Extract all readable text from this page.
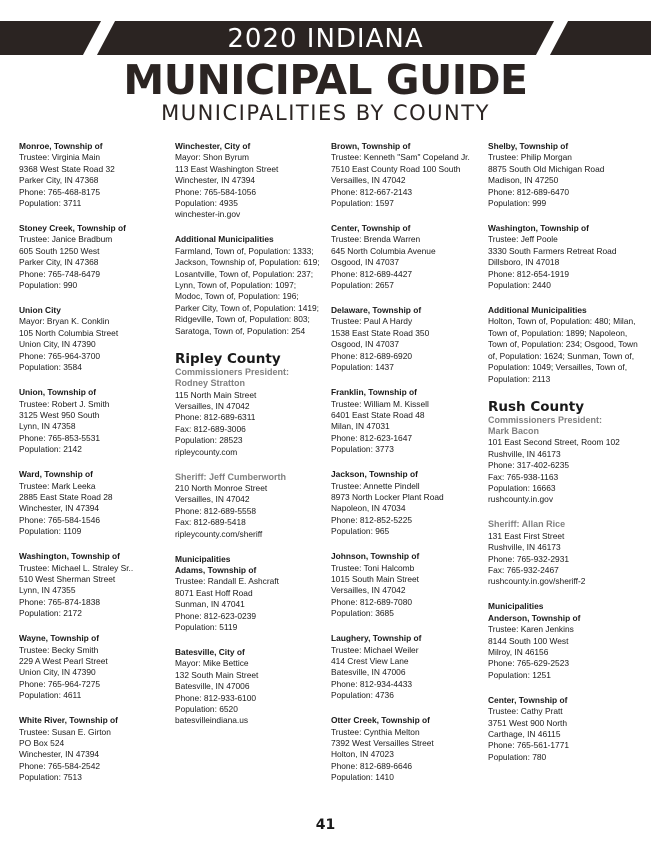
2020 INDIANA
MUNICIPAL GUIDE
MUNICIPALITIES BY COUNTY
Monroe, Township of
Trustee: Virginia Main
9368 West State Road 32
Parker City, IN 47368
Phone: 765-468-8175
Population: 3711
Stoney Creek, Township of
Trustee: Janice Bradbum
605 South 1250 West
Parker City, IN 47368
Phone: 765-748-6479
Population: 990
Union City
Mayor: Bryan K. Conklin
105 North Columbia Street
Union City, IN 47390
Phone: 765-964-3700
Population: 3584
Union, Township of
Trustee: Robert J. Smith
3125 West 950 South
Lynn, IN 47358
Phone: 765-853-5531
Population: 2142
Ward, Township of
Trustee: Mark Leeka
2885 East State Road 28
Winchester, IN 47394
Phone: 765-584-1546
Population: 1109
Washington, Township of
Trustee: Michael L. Straley Sr..
510 West Sherman Street
Lynn, IN 47355
Phone: 765-874-1838
Population: 2172
Wayne, Township of
Trustee: Becky Smith
229 A West Pearl Street
Union City, IN 47390
Phone: 765-964-7275
Population: 4611
White River, Township of
Trustee: Susan E. Girton
PO Box 524
Winchester, IN 47394
Phone: 765-584-2542
Population: 7513
Winchester, City of
Mayor: Shon Byrum
113 East Washington Street
Winchester, IN 47394
Phone: 765-584-1056
Population: 4935
winchester-in.gov
Additional Municipalities
Farmland, Town of, Population: 1333; Jackson, Township of, Population: 619; Losantville, Town of, Population: 237; Lynn, Town of, Population: 1097; Modoc, Town of, Population: 196; Parker City, Town of, Population: 1419; Ridgeville, Town of, Population: 803; Saratoga, Town of, Population: 254
Ripley County
Commissioners President:
Rodney Stratton
115 North Main Street
Versailles, IN 47042
Phone: 812-689-6311
Fax: 812-689-3006
Population: 28523
ripleycounty.com
Sheriff: Jeff Cumberworth
210 North Monroe Street
Versailles, IN 47042
Phone: 812-689-5558
Fax: 812-689-5418
ripleycounty.com/sheriff
Municipalities
Adams, Township of
Trustee: Randall E. Ashcraft
8071 East Hoff Road
Sunman, IN 47041
Phone: 812-623-0239
Population: 5119
Batesville, City of
Mayor: Mike Bettice
132 South Main Street
Batesville, IN 47006
Phone: 812-933-6100
Population: 6520
batesvilleindiana.us
Brown, Township of
Trustee: Kenneth "Sam" Copeland Jr.
7510 East County Road 100 South
Versailles, IN 47042
Phone: 812-667-2143
Population: 1597
Center, Township of
Trustee: Brenda Warren
645 North Columbia Avenue
Osgood, IN 47037
Phone: 812-689-4427
Population: 2657
Delaware, Township of
Trustee: Paul A Hardy
1538 East State Road 350
Osgood, IN 47037
Phone: 812-689-6920
Population: 1437
Franklin, Township of
Trustee: William M. Kissell
6401 East State Road 48
Milan, IN 47031
Phone: 812-623-1647
Population: 3773
Jackson, Township of
Trustee: Annette Pindell
8973 North Locker Plant Road
Napoleon, IN 47034
Phone: 812-852-5225
Population: 965
Johnson, Township of
Trustee: Toni Halcomb
1015 South Main Street
Versailles, IN 47042
Phone: 812-689-7080
Population: 3685
Laughery, Township of
Trustee: Michael Weiler
414 Crest View Lane
Batesville, IN 47006
Phone: 812-934-4433
Population: 4736
Otter Creek, Township of
Trustee: Cynthia Melton
7392 West Versailles Street
Holton, IN 47023
Phone: 812-689-6646
Population: 1410
Shelby, Township of
Trustee: Philip Morgan
8875 South Old Michigan Road
Madison, IN 47250
Phone: 812-689-6470
Population: 999
Washington, Township of
Trustee: Jeff Poole
3330 South Farmers Retreat Road
Dillsboro, IN 47018
Phone: 812-654-1919
Population: 2440
Additional Municipalities
Holton, Town of, Population: 480; Milan, Town of, Population: 1899; Napoleon, Town of, Population: 234; Osgood, Town of, Population: 1624; Sunman, Town of, Population: 1049; Versailles, Town of, Population: 2113
Rush County
Commissioners President:
Mark Bacon
101 East Second Street, Room 102
Rushville, IN 46173
Phone: 317-402-6235
Fax: 765-938-1163
Population: 16663
rushcounty.in.gov
Sheriff: Allan Rice
131 East First Street
Rushville, IN 46173
Phone: 765-932-2931
Fax: 765-932-2467
rushcounty.in.gov/sheriff-2
Municipalities
Anderson, Township of
Trustee: Karen Jenkins
8144 South 100 West
Milroy, IN 46156
Phone: 765-629-2523
Population: 1251
Center, Township of
Trustee: Cathy Pratt
3751 West 900 North
Carthage, IN 46115
Phone: 765-561-1771
Population: 780
41
